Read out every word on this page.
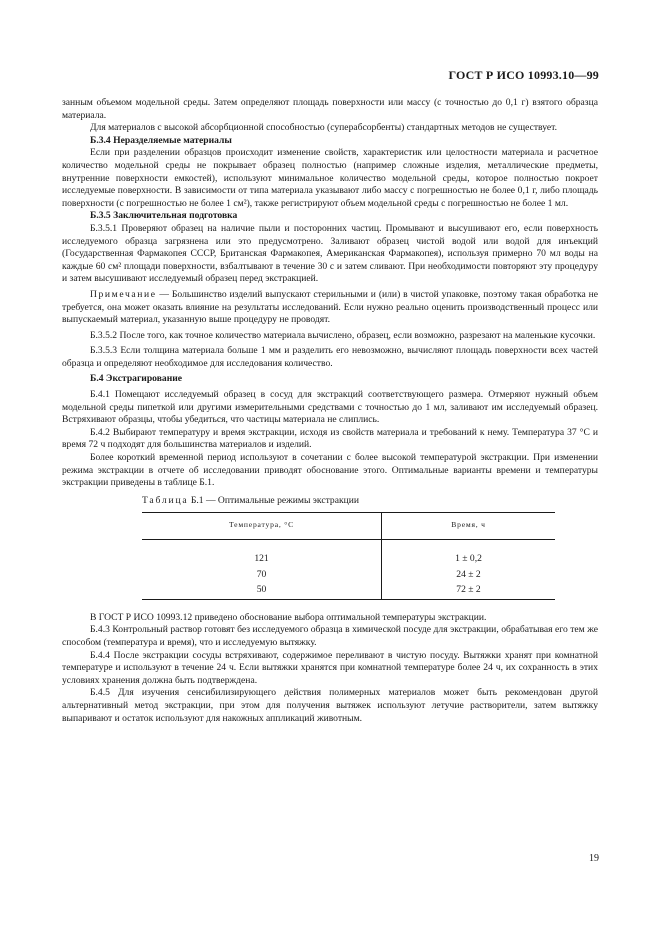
ГОСТ Р ИСО 10993.10—99

занным объемом модельной среды. Затем определяют площадь поверхности или массу (с точностью до 0,1 г) взятого образца материала.

Для материалов с высокой абсорбционной способностью (суперабсорбенты) стандартных методов не существует.

Б.3.4 Неразделяемые материалы

Если при разделении образцов происходит изменение свойств, характеристик или целостности материала и расчетное количество модельной среды не покрывает образец полностью (например сложные изделия, металлические предметы, внутренние поверхности емкостей), используют минимальное количество модельной среды, которое полностью покроет исследуемые поверхности. В зависимости от типа материала указывают либо массу с погрешностью не более 0,1 г, либо площадь поверхности (с погрешностью не более 1 см²), также регистрируют объем модельной среды с погрешностью не более 1 мл.

Б.3.5 Заключительная подготовка

Б.3.5.1 Проверяют образец на наличие пыли и посторонних частиц. Промывают и высушивают его, если поверхность исследуемого образца загрязнена или это предусмотрено. Заливают образец чистой водой или водой для инъекций (Государственная Фармакопея СССР, Британская Фармакопея, Американская Фармакопея), используя примерно 70 мл воды на каждые 60 см² площади поверхности, взбалтывают в течение 30 с и затем сливают. При необходимости повторяют эту процедуру и затем высушивают исследуемый образец перед экстракцией.

Примечание — Большинство изделий выпускают стерильными и (или) в чистой упаковке, поэтому такая обработка не требуется, она может оказать влияние на результаты исследований. Если нужно реально оценить производственный процесс или выпускаемый материал, указанную выше процедуру не проводят.

Б.3.5.2 После того, как точное количество материала вычислено, образец, если возможно, разрезают на маленькие кусочки.

Б.3.5.3 Если толщина материала больше 1 мм и разделить его невозможно, вычисляют площадь поверхности всех частей образца и определяют необходимое для исследования количество.

Б.4 Экстрагирование

Б.4.1 Помещают исследуемый образец в сосуд для экстракций соответствующего размера. Отмеряют нужный объем модельной среды пипеткой или другими измерительными средствами с точностью до 1 мл, заливают им исследуемый образец. Встряхивают образцы, чтобы убедиться, что частицы материала не слиплись.

Б.4.2 Выбирают температуру и время экстракции, исходя из свойств материала и требований к нему. Температура 37 °С и время 72 ч подходят для большинства материалов и изделий.

Более короткий временной период используют в сочетании с более высокой температурой экстракции. При изменении режима экстракции в отчете об исследовании приводят обоснование этого. Оптимальные варианты времени и температуры экстракции приведены в таблице Б.1.

Таблица Б.1 — Оптимальные режимы экстракции
Температура, °С	Время, ч

121	1 ± 0,2
70	24 ± 2
50	72 ± 2

В ГОСТ Р ИСО 10993.12 приведено обоснование выбора оптимальной температуры экстракции.

Б.4.3 Контрольный раствор готовят без исследуемого образца в химической посуде для экстракции, обрабатывая его тем же способом (температура и время), что и исследуемую вытяжку.

Б.4.4 После экстракции сосуды встряхивают, содержимое переливают в чистую посуду. Вытяжки хранят при комнатной температуре и используют в течение 24 ч. Если вытяжки хранятся при комнатной температуре более 24 ч, их сохранность в этих условиях хранения должна быть подтверждена.

Б.4.5 Для изучения сенсибилизирующего действия полимерных материалов может быть рекомендован другой альтернативный метод экстракции, при этом для получения вытяжек используют летучие растворители, затем вытяжку выпаривают и остаток используют для накожных аппликаций животным.

19
